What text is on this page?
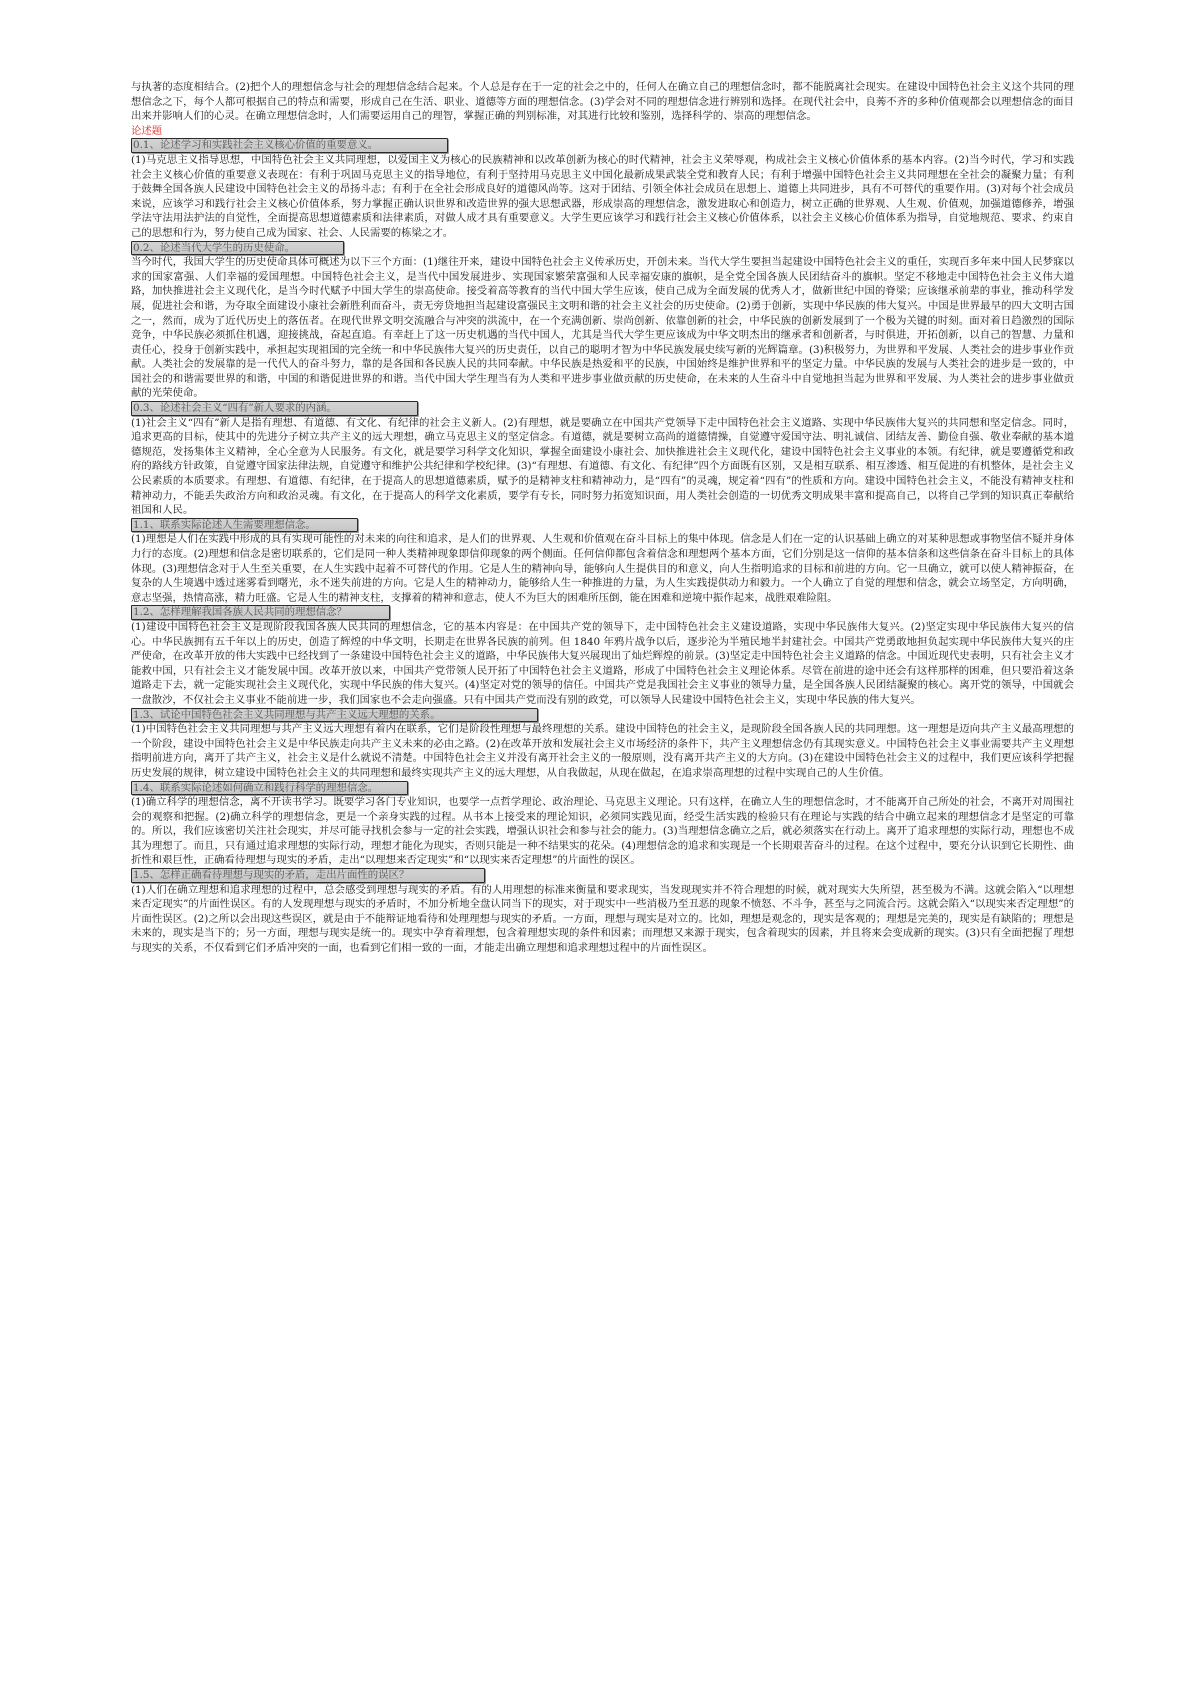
与执著的态度相结合。(2)把个人的理想信念与社会的理想信念结合起来。个人总是存在于一定的社会之中的，任何人在确立自己的理想信念时，都不能脱离社会现实。在建设中国特色社会主义这个共同的理想信念之下，每个人都可根据自己的特点和需要，形成自己在生活、职业、道德等方面的理想信念。(3)学会对不同的理想信念进行辨别和选择。在现代社会中，良莠不齐的多种价值观都会以理想信念的面目出来并影响人们的心灵。在确立理想信念时，人们需要运用自己的理智，掌握正确的判别标准，对其进行比较和鉴别，选择科学的、崇高的理想信念。

论述题

0.1、论述学习和实践社会主义核心价值的重要意义。

(1)马克思主义指导思想，中国特色社会主义共同理想，以爱国主义为核心的民族精神和以改革创新为核心的时代精神，社会主义荣辱观，构成社会主义核心价值体系的基本内容。(2)当今时代，学习和实践社会主义核心价值的重要意义表现在：有利于巩固马克思主义的指导地位，有利于坚持用马克思主义中国化最新成果武装全党和教育人民；有利于增强中国特色社会主义共同理想在全社会的凝聚力量；有利于鼓舞全国各族人民建设中国特色社会主义的昂扬斗志；有利于在全社会形成良好的道德风尚等。这对于团结、引领全体社会成员在思想上、道德上共同进步，具有不可替代的重要作用。(3)对每个社会成员来说，应该学习和践行社会主义核心价值体系，努力掌握正确认识世界和改造世界的强大思想武器，形成崇高的理想信念，激发进取心和创造力，树立正确的世界观、人生观、价值观，加强道德修养，增强学法守法用法护法的自觉性，全面提高思想道德素质和法律素质，对做人成才具有重要意义。大学生更应该学习和践行社会主义核心价值体系，以社会主义核心价值体系为指导，自觉地规范、要求、约束自己的思想和行为，努力使自己成为国家、社会、人民需要的栋梁之才。

0.2、论述当代大学生的历史使命。

当今时代，我国大学生的历史使命具体可概述为以下三个方面：(1)继往开来，建设中国特色社会主义传承历史，开创未来。当代大学生要担当起建设中国特色社会主义的重任，实现百多年来中国人民梦寐以求的国家富强、人们幸福的爱国理想。中国特色社会主义，是当代中国发展进步、实现国家繁荣富强和人民幸福安康的旗帜，是全党全国各族人民团结奋斗的旗帜。坚定不移地走中国特色社会主义伟大道路，加快推进社会主义现代化，是当今时代赋予中国大学生的崇高使命。接受着高等教育的当代中国大学生应该，使自己成为全面发展的优秀人才，做新世纪中国的脊梁；应该继承前辈的事业，推动科学发展，促进社会和谐，为夺取全面建设小康社会新胜利而奋斗，责无旁贷地担当起建设富强民主文明和谐的社会主义社会的历史使命。(2)勇于创新，实现中华民族的伟大复兴。中国是世界最早的四大文明古国之一，然而，成为了近代历史上的落伍者。在现代世界文明交流融合与冲突的洪流中，在一个充满创新、崇尚创新、依靠创新的社会，中华民族的创新发展到了一个极为关键的时刻。面对着日趋激烈的国际竞争，中华民族必须抓住机遇，迎接挑战，奋起直追。有幸赶上了这一历史机遇的当代中国人，尤其是当代大学生更应该成为中华文明杰出的继承者和创新者，与时俱进，开拓创新，以自己的智慧、力量和责任心，投身于创新实践中，承担起实现祖国的完全统一和中华民族伟大复兴的历史责任，以自己的聪明才智为中华民族发展史续写新的光辉篇章。(3)积极努力，为世界和平发展、人类社会的进步事业作贡献。人类社会的发展靠的是一代代人的奋斗努力，靠的是各国和各民族人民的共同奉献。中华民族是热爱和平的民族，中国始终是维护世界和平的坚定力量。中华民族的发展与人类社会的进步是一致的，中国社会的和谐需要世界的和谐，中国的和谐促进世界的和谐。当代中国大学生理当有为人类和平进步事业做贡献的历史使命，在未来的人生奋斗中自觉地担当起为世界和平发展、为人类社会的进步事业做贡献的光荣使命。

0.3、论述社会主义“四有”新人要求的内涵。

(1)社会主义“四有”新人是指有理想、有道德、有文化、有纪律的社会主义新人。(2)有理想，就是要确立在中国共产党领导下走中国特色社会主义道路、实现中华民族伟大复兴的共同想和坚定信念。同时，追求更高的目标，使其中的先进分子树立共产主义的远大理想，确立马克思主义的坚定信念。有道德，就是要树立高尚的道德情操，自觉遵守爱国守法、明礼诚信、团结友善、勤俭自强、敬业奉献的基本道德规范，发扬集体主义精神，全心全意为人民服务。有文化，就是要学习科学文化知识，掌握全面建设小康社会、加快推进社会主义现代化，建设中国特色社会主义事业的本领。有纪律，就是要遵循党和政府的路线方针政策，自觉遵守国家法律法规，自觉遵守和维护公共纪律和学校纪律。(3)“有理想、有道德、有文化、有纪律”四个方面既有区别，又是相互联系、相互渗透、相互促进的有机整体，是社会主义公民素质的本质要求。有理想、有道德、有纪律，在于提高人的思想道德素质，赋予的是精神支柱和精神动力，是“四有”的灵魂，规定着“四有”的性质和方向。建设中国特色社会主义，不能没有精神支柱和精神动力，不能丢失政治方向和政治灵魂。有文化，在于提高人的科学文化素质，要学有专长，同时努力拓宽知识面，用人类社会创造的一切优秀文明成果丰富和提高自己，以将自己学到的知识真正奉献给祖国和人民。

1.1、联系实际论述人生需要理想信念。

(1)理想是人们在实践中形成的具有实现可能性的对未来的向往和追求，是人们的世界观、人生观和价值观在奋斗目标上的集中体现。信念是人们在一定的认识基础上确立的对某种思想或事物坚信不疑并身体力行的态度。(2)理想和信念是密切联系的，它们是同一种人类精神现象即信仰现象的两个侧面。任何信仰都包含着信念和理想两个基本方面，它们分别是这一信仰的基本信条和这些信条在奋斗目标上的具体体现。(3)理想信念对于人生至关重要，在人生实践中起着不可替代的作用。它是人生的精神向导，能够向人生提供目的和意义，向人生指明追求的目标和前进的方向。它一旦确立，就可以使人精神振奋，在复杂的人生境遇中透过迷雾看到曙光，永不迷失前进的方向。它是人生的精神动力，能够给人生一种推进的力量，为人生实践提供动力和毅力。一个人确立了自觉的理想和信念，就会立场坚定，方向明确，意志坚强，热情高涨，精力旺盛。它是人生的精神支柱，支撑着的精神和意志，使人不为巨大的困难所压倒，能在困难和逆境中振作起来，战胜艰难险阻。

1.2、怎样理解我国各族人民共同的理想信念？

(1)建设中国特色社会主义是现阶段我国各族人民共同的理想信念，它的基本内容是：在中国共产党的领导下，走中国特色社会主义建设道路，实现中华民族伟大复兴。(2)坚定实现中华民族伟大复兴的信心。中华民族拥有五千年以上的历史，创造了辉煌的中华文明，长期走在世界各民族的前列。但 1840 年鸦片战争以后，逐步沦为半殖民地半封建社会。中国共产党勇敢地担负起实现中华民族伟大复兴的庄严使命，在改革开放的伟大实践中已经找到了一条建设中国特色社会主义的道路，中华民族伟大复兴展现出了灿烂辉煌的前景。(3)坚定走中国特色社会主义道路的信念。中国近现代史表明，只有社会主义才能救中国，只有社会主义才能发展中国。改革开放以来，中国共产党带领人民开拓了中国特色社会主义道路，形成了中国特色社会主义理论体系。尽管在前进的途中还会有这样那样的困难，但只要沿着这条道路走下去，就一定能实现社会主义现代化，实现中华民族的伟大复兴。(4)坚定对党的领导的信任。中国共产党是我国社会主义事业的领导力量，是全国各族人民团结凝聚的核心。离开党的领导，中国就会一盘散沙，不仅社会主义事业不能前进一步，我们国家也不会走向强盛。只有中国共产党而没有别的政党，可以领导人民建设中国特色社会主义，实现中华民族的伟大复兴。

1.3、试论中国特色社会主义共同理想与共产主义远大理想的关系。

(1)中国特色社会主义共同理想与共产主义远大理想有着内在联系，它们是阶段性理想与最终理想的关系。建设中国特色的社会主义，是现阶段全国各族人民的共同理想。这一理想是迈向共产主义最高理想的一个阶段，建设中国特色社会主义是中华民族走向共产主义未来的必由之路。(2)在改革开放和发展社会主义市场经济的条件下，共产主义理想信念仍有其现实意义。中国特色社会主义事业需要共产主义理想指明前进方向，离开了共产主义，社会主义是什么就说不清楚。中国特色社会主义并没有离开社会主义的一般原则，没有离开共产主义的大方向。(3)在建设中国特色社会主义的过程中，我们更应该科学把握历史发展的规律，树立建设中国特色社会主义的共同理想和最终实现共产主义的远大理想，从自我做起，从现在做起，在追求崇高理想的过程中实现自己的人生价值。

1.4、联系实际论述如何确立和践行科学的理想信念。

(1)确立科学的理想信念，离不开读书学习。既要学习各门专业知识，也要学一点哲学理论、政治理论、马克思主义理论。只有这样，在确立人生的理想信念时，才不能离开自己所处的社会，不离开对周围社会的观察和把握。(2)确立科学的理想信念，更是一个亲身实践的过程。从书本上接受来的理论知识，必须同实践见面，经受生活实践的检验只有在理论与实践的结合中确立起来的理想信念才是坚定的可靠的。所以，我们应该密切关注社会现实，并尽可能寻找机会参与一定的社会实践，增强认识社会和参与社会的能力。(3)当理想信念确立之后，就必须落实在行动上。离开了追求理想的实际行动，理想也不成其为理想了。而且，只有通过追求理想的实际行动，理想才能化为现实，否则只能是一种不结果实的花朵。(4)理想信念的追求和实现是一个长期艰苦奋斗的过程。在这个过程中，要充分认识到它长期性、曲折性和艰巨性，正确看待理想与现实的矛盾，走出“以理想来否定现实”和“以现实来否定理想”的片面性的误区。

1.5、怎样正确看待理想与现实的矛盾，走出片面性的误区？

(1)人们在确立理想和追求理想的过程中，总会感受到理想与现实的矛盾。有的人用理想的标准来衡量和要求现实，当发现现实并不符合理想的时候，就对现实大失所望，甚至极为不满。这就会陷入“以理想来否定现实”的片面性误区。有的人发现理想与现实的矛盾时，不加分析地全盘认同当下的现实，对于现实中一些消极乃至丑恶的现象不愤怒、不斗争，甚至与之同流合污。这就会陷入“以现实来否定理想”的片面性误区。(2)之所以会出现这些误区，就是由于不能辩证地看待和处理理想与现实的矛盾。一方面，理想与现实是对立的。比如，理想是观念的，现实是客观的；理想是完美的，现实是有缺陷的；理想是未来的，现实是当下的；另一方面，理想与现实是统一的。现实中孕育着理想，包含着理想实现的条件和因素；而理想又来源于现实，包含着现实的因素，并且将来会变成新的现实。(3)只有全面把握了理想与现实的关系，不仅看到它们矛盾冲突的一面，也看到它们相一致的一面，才能走出确立理想和追求理想过程中的片面性误区。
